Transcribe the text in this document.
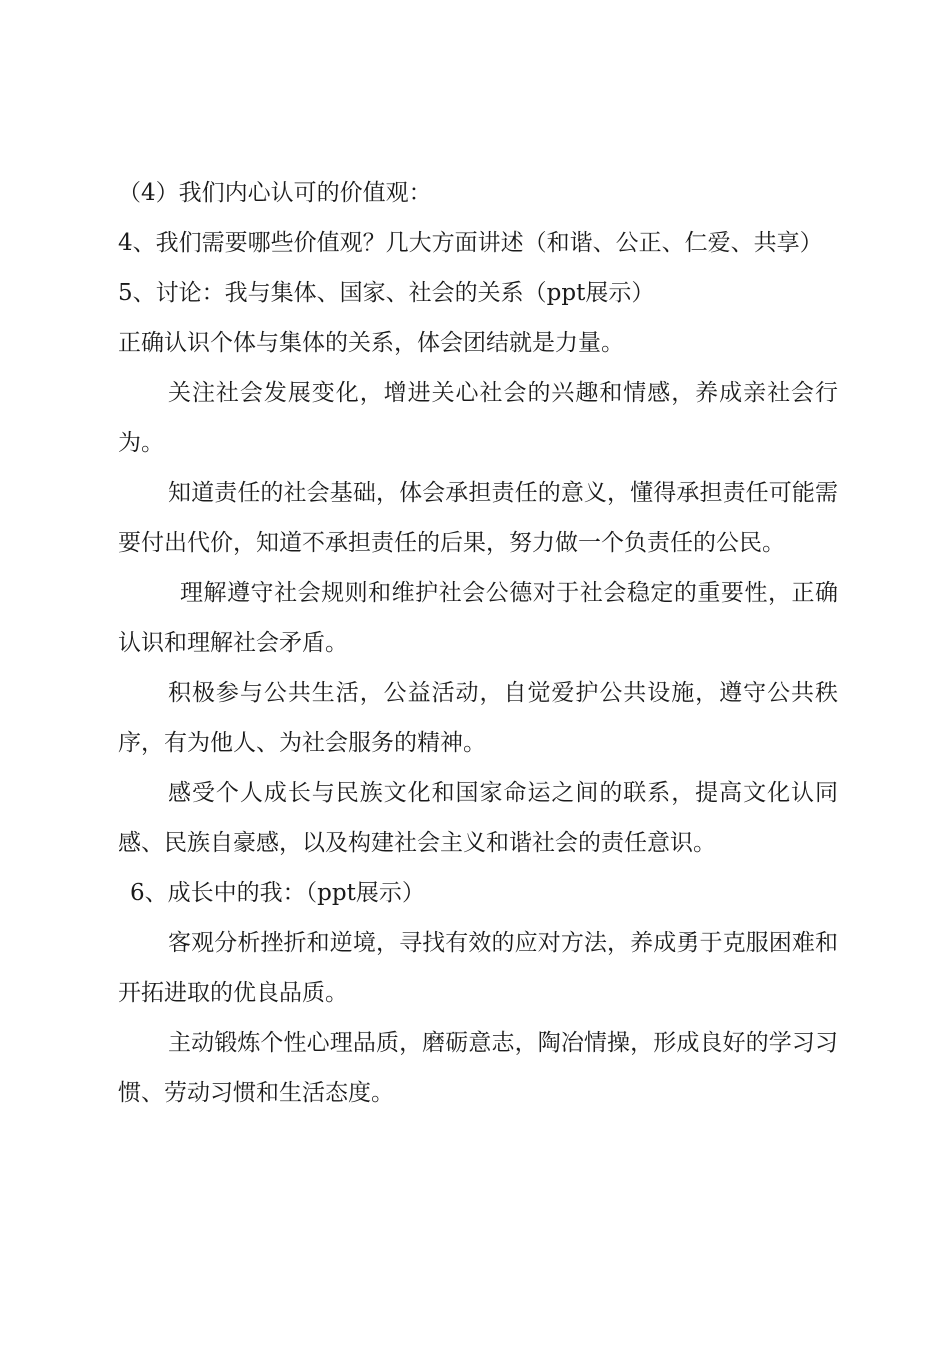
（4）我们内心认可的价值观：

4、我们需要哪些价值观？几大方面讲述（和谐、公正、仁爱、共享）

5、讨论：我与集体、国家、社会的关系（ppt展示）

正确认识个体与集体的关系，体会团结就是力量。

关注社会发展变化，增进关心社会的兴趣和情感，养成亲社会行为。

知道责任的社会基础，体会承担责任的意义，懂得承担责任可能需要付出代价，知道不承担责任的后果，努力做一个负责任的公民。

理解遵守社会规则和维护社会公德对于社会稳定的重要性，正确认识和理解社会矛盾。

积极参与公共生活，公益活动，自觉爱护公共设施，遵守公共秩序，有为他人、为社会服务的精神。

感受个人成长与民族文化和国家命运之间的联系，提高文化认同感、民族自豪感，以及构建社会主义和谐社会的责任意识。

6、成长中的我：（ppt展示）

客观分析挫折和逆境，寻找有效的应对方法，养成勇于克服困难和开拓进取的优良品质。

主动锻炼个性心理品质，磨砺意志，陶冶情操，形成良好的学习习惯、劳动习惯和生活态度。
